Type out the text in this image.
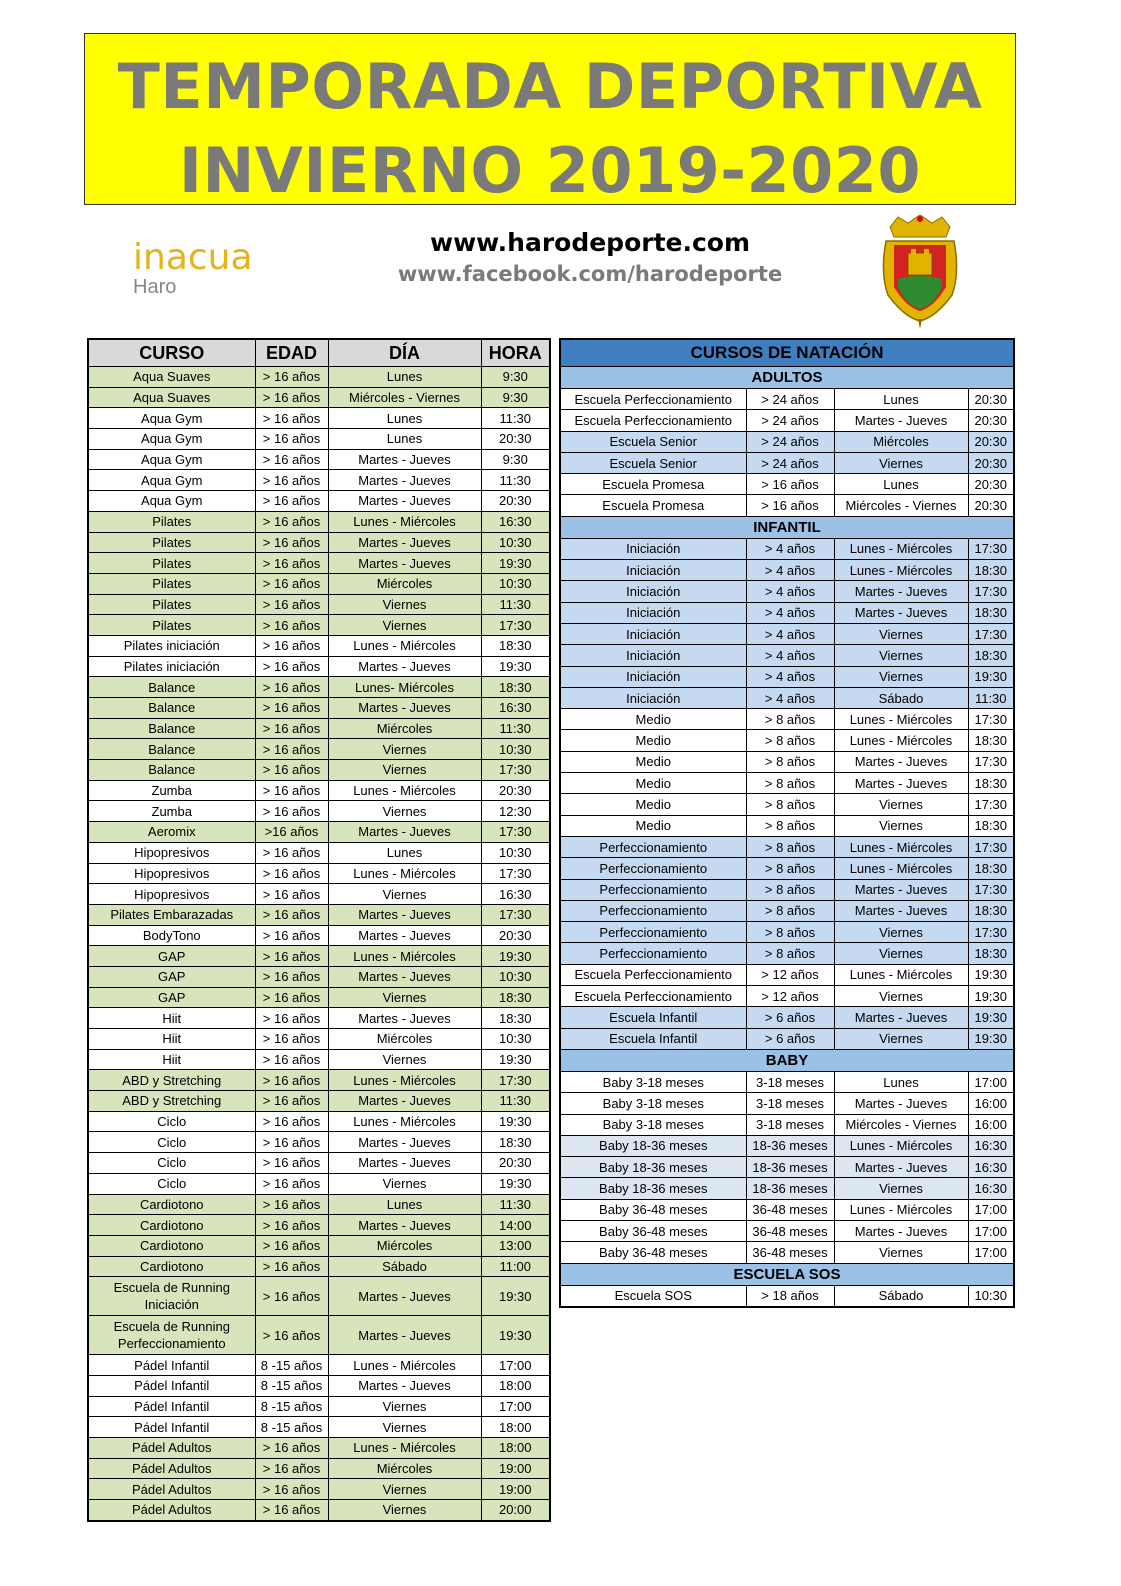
TEMPORADA DEPORTIVA
INVIERNO 2019-2020
inacua
Haro
www.harodeporte.com
www.facebook.com/harodeporte
CURSO	EDAD	DÍA	HORA
Aqua Suaves	> 16 años	Lunes	9:30
Aqua Suaves	> 16 años	Miércoles - Viernes	9:30
Aqua Gym	> 16 años	Lunes	11:30
Aqua Gym	> 16 años	Lunes	20:30
Aqua Gym	> 16 años	Martes - Jueves	9:30
Aqua Gym	> 16 años	Martes - Jueves	11:30
Aqua Gym	> 16 años	Martes - Jueves	20:30
Pilates	> 16 años	Lunes - Miércoles	16:30
Pilates	> 16 años	Martes - Jueves	10:30
Pilates	> 16 años	Martes - Jueves	19:30
Pilates	> 16 años	Miércoles	10:30
Pilates	> 16 años	Viernes	11:30
Pilates	> 16 años	Viernes	17:30
Pilates iniciación	> 16 años	Lunes - Miércoles	18:30
Pilates iniciación	> 16 años	Martes - Jueves	19:30
Balance	> 16 años	Lunes- Miércoles	18:30
Balance	> 16 años	Martes - Jueves	16:30
Balance	> 16 años	Miércoles	11:30
Balance	> 16 años	Viernes	10:30
Balance	> 16 años	Viernes	17:30
Zumba	> 16 años	Lunes - Miércoles	20:30
Zumba	> 16 años	Viernes	12:30
Aeromix	>16 años	Martes - Jueves	17:30
Hipopresivos	> 16 años	Lunes	10:30
Hipopresivos	> 16 años	Lunes - Miércoles	17:30
Hipopresivos	> 16 años	Viernes	16:30
Pilates Embarazadas	> 16 años	Martes - Jueves	17:30
BodyTono	> 16 años	Martes - Jueves	20:30
GAP	> 16 años	Lunes - Miércoles	19:30
GAP	> 16 años	Martes - Jueves	10:30
GAP	> 16 años	Viernes	18:30
Hiit	> 16 años	Martes - Jueves	18:30
Hiit	> 16 años	Miércoles	10:30
Hiit	> 16 años	Viernes	19:30
ABD y Stretching	> 16 años	Lunes - Miércoles	17:30
ABD y Stretching	> 16 años	Martes - Jueves	11:30
Ciclo	> 16 años	Lunes - Miércoles	19:30
Ciclo	> 16 años	Martes - Jueves	18:30
Ciclo	> 16 años	Martes - Jueves	20:30
Ciclo	> 16 años	Viernes	19:30
Cardiotono	> 16 años	Lunes	11:30
Cardiotono	> 16 años	Martes - Jueves	14:00
Cardiotono	> 16 años	Miércoles	13:00
Cardiotono	> 16 años	Sábado	11:00
Escuela de Running Iniciación	> 16 años	Martes - Jueves	19:30
Escuela de Running Perfeccionamiento	> 16 años	Martes - Jueves	19:30
Pádel Infantil	8 -15 años	Lunes - Miércoles	17:00
Pádel Infantil	8 -15 años	Martes - Jueves	18:00
Pádel Infantil	8 -15 años	Viernes	17:00
Pádel Infantil	8 -15 años	Viernes	18:00
Pádel Adultos	> 16 años	Lunes - Miércoles	18:00
Pádel Adultos	> 16 años	Miércoles	19:00
Pádel Adultos	> 16 años	Viernes	19:00
Pádel Adultos	> 16 años	Viernes	20:00
CURSOS DE NATACIÓN			
ADULTOS			
Escuela Perfeccionamiento	> 24 años	Lunes	20:30
Escuela Perfeccionamiento	> 24 años	Martes - Jueves	20:30
Escuela Senior	> 24 años	Miércoles	20:30
Escuela Senior	> 24 años	Viernes	20:30
Escuela Promesa	> 16 años	Lunes	20:30
Escuela Promesa	> 16 años	Miércoles - Viernes	20:30
INFANTIL			
Iniciación	> 4 años	Lunes - Miércoles	17:30
Iniciación	> 4 años	Lunes - Miércoles	18:30
Iniciación	> 4 años	Martes - Jueves	17:30
Iniciación	> 4 años	Martes - Jueves	18:30
Iniciación	> 4 años	Viernes	17:30
Iniciación	> 4 años	Viernes	18:30
Iniciación	> 4 años	Viernes	19:30
Iniciación	> 4 años	Sábado	11:30
Medio	> 8 años	Lunes - Miércoles	17:30
Medio	> 8 años	Lunes - Miércoles	18:30
Medio	> 8 años	Martes - Jueves	17:30
Medio	> 8 años	Martes - Jueves	18:30
Medio	> 8 años	Viernes	17:30
Medio	> 8 años	Viernes	18:30
Perfeccionamiento	> 8 años	Lunes - Miércoles	17:30
Perfeccionamiento	> 8 años	Lunes - Miércoles	18:30
Perfeccionamiento	> 8 años	Martes - Jueves	17:30
Perfeccionamiento	> 8 años	Martes - Jueves	18:30
Perfeccionamiento	> 8 años	Viernes	17:30
Perfeccionamiento	> 8 años	Viernes	18:30
Escuela Perfeccionamiento	> 12 años	Lunes - Miércoles	19:30
Escuela Perfeccionamiento	> 12 años	Viernes	19:30
Escuela Infantil	> 6 años	Martes - Jueves	19:30
Escuela Infantil	> 6 años	Viernes	19:30
BABY			
Baby 3-18 meses	3-18 meses	Lunes	17:00
Baby 3-18 meses	3-18 meses	Martes - Jueves	16:00
Baby 3-18 meses	3-18 meses	Miércoles - Viernes	16:00
Baby 18-36 meses	18-36 meses	Lunes - Miércoles	16:30
Baby 18-36 meses	18-36 meses	Martes - Jueves	16:30
Baby 18-36 meses	18-36 meses	Viernes	16:30
Baby 36-48 meses	36-48 meses	Lunes - Miércoles	17:00
Baby 36-48 meses	36-48 meses	Martes - Jueves	17:00
Baby 36-48 meses	36-48 meses	Viernes	17:00
ESCUELA SOS			
Escuela SOS	> 18 años	Sábado	10:30
